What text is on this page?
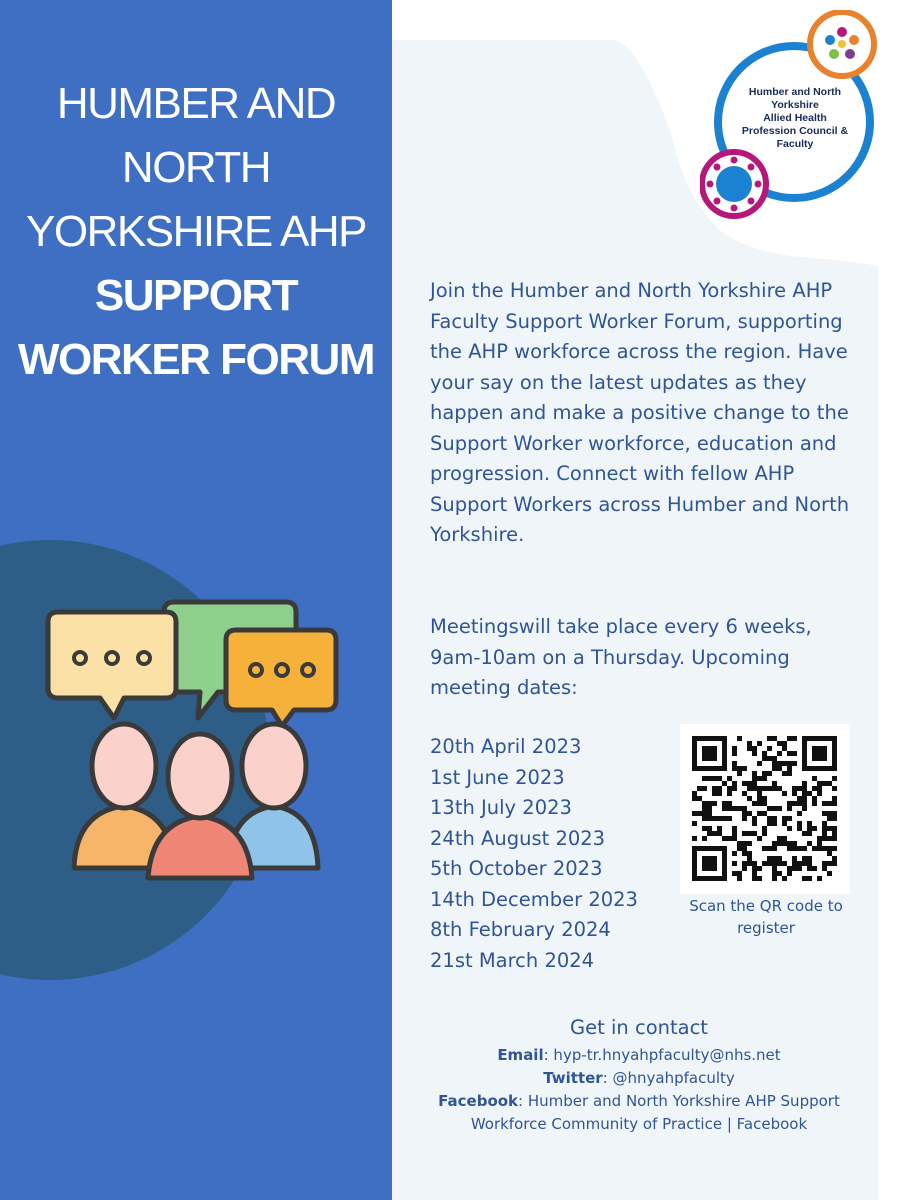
HUMBER AND
NORTH
YORKSHIRE AHP
SUPPORT
WORKER FORUM
Humber and North
Yorkshire
Allied Health
Profession Council &
Faculty
Join the Humber and North Yorkshire AHP Faculty Support Worker Forum, supporting the AHP workforce across the region. Have your say on the latest updates as they happen and make a positive change to the Support Worker workforce, education and progression. Connect with fellow AHP Support Workers across Humber and North Yorkshire.
Meetingswill take place every 6 weeks, 9am-10am on a Thursday. Upcoming meeting dates:
20th April 2023
1st June 2023
13th July 2023
24th August 2023
5th October 2023
14th December 2023
8th February 2024
21st March 2024
Scan the QR code to
register
Get in contact
Email: hyp-tr.hnyahpfaculty@nhs.net
Twitter: @hnyahpfaculty
Facebook: Humber and North Yorkshire AHP Support
Workforce Community of Practice | Facebook
